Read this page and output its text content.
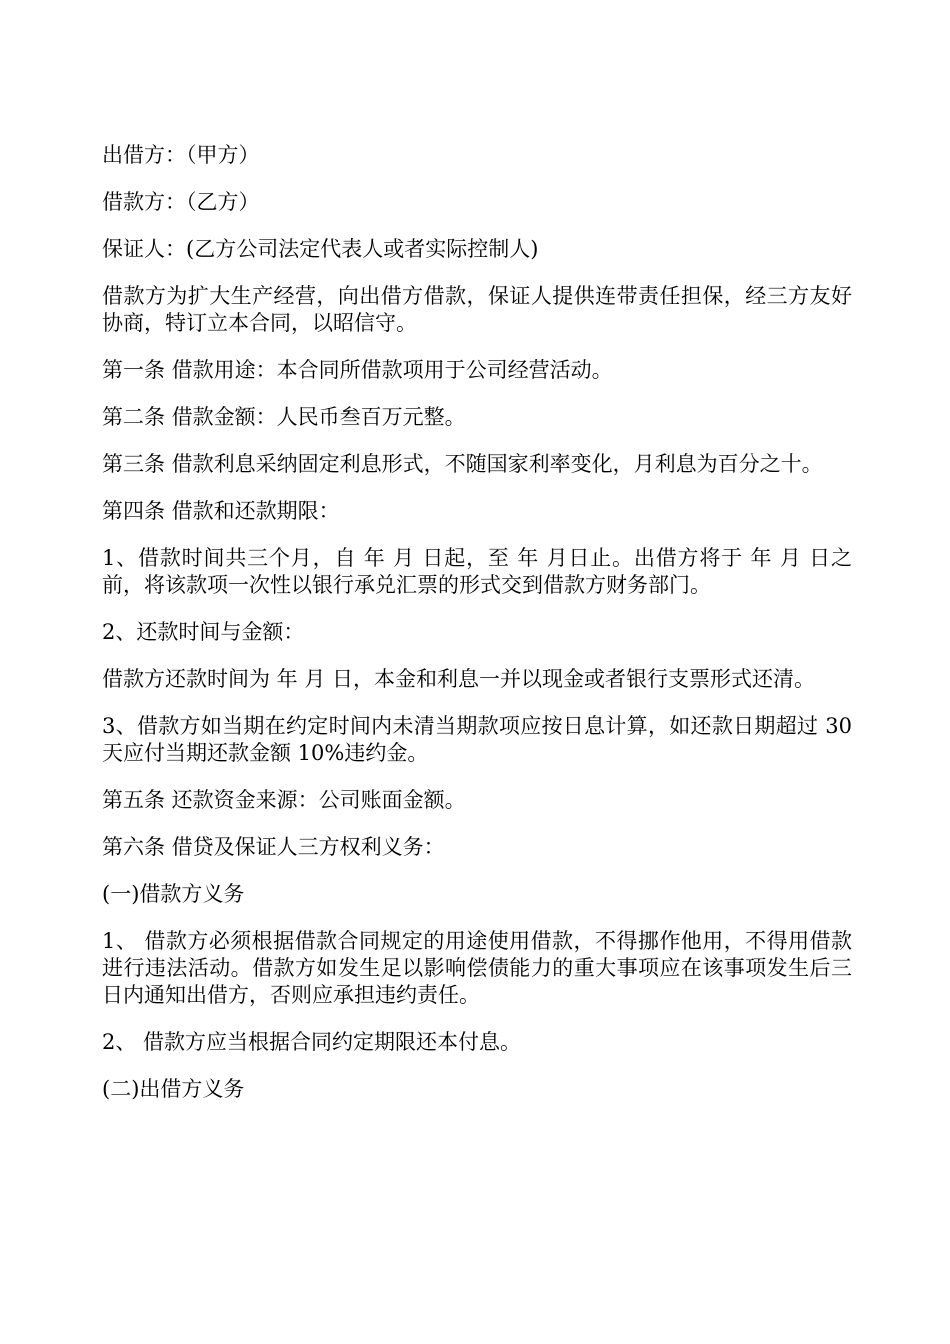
出借方：（甲方）

借款方：（乙方）

保证人：(乙方公司法定代表人或者实际控制人)

借款方为扩大生产经营，向出借方借款，保证人提供连带责任担保，经三方友好协商，特订立本合同，以昭信守。

第一条 借款用途：本合同所借款项用于公司经营活动。

第二条 借款金额：人民币叁百万元整。

第三条 借款利息采纳固定利息形式，不随国家利率变化，月利息为百分之十。

第四条 借款和还款期限：

1、借款时间共三个月，自 年 月 日起，至 年 月日止。出借方将于 年 月 日之前，将该款项一次性以银行承兑汇票的形式交到借款方财务部门。

2、还款时间与金额：

借款方还款时间为 年 月 日，本金和利息一并以现金或者银行支票形式还清。

3、借款方如当期在约定时间内未清当期款项应按日息计算，如还款日期超过 30 天应付当期还款金额 10%违约金。

第五条 还款资金来源：公司账面金额。

第六条 借贷及保证人三方权利义务：

(一)借款方义务

1、 借款方必须根据借款合同规定的用途使用借款，不得挪作他用，不得用借款进行违法活动。借款方如发生足以影响偿债能力的重大事项应在该事项发生后三日内通知出借方，否则应承担违约责任。

2、 借款方应当根据合同约定期限还本付息。

(二)出借方义务
